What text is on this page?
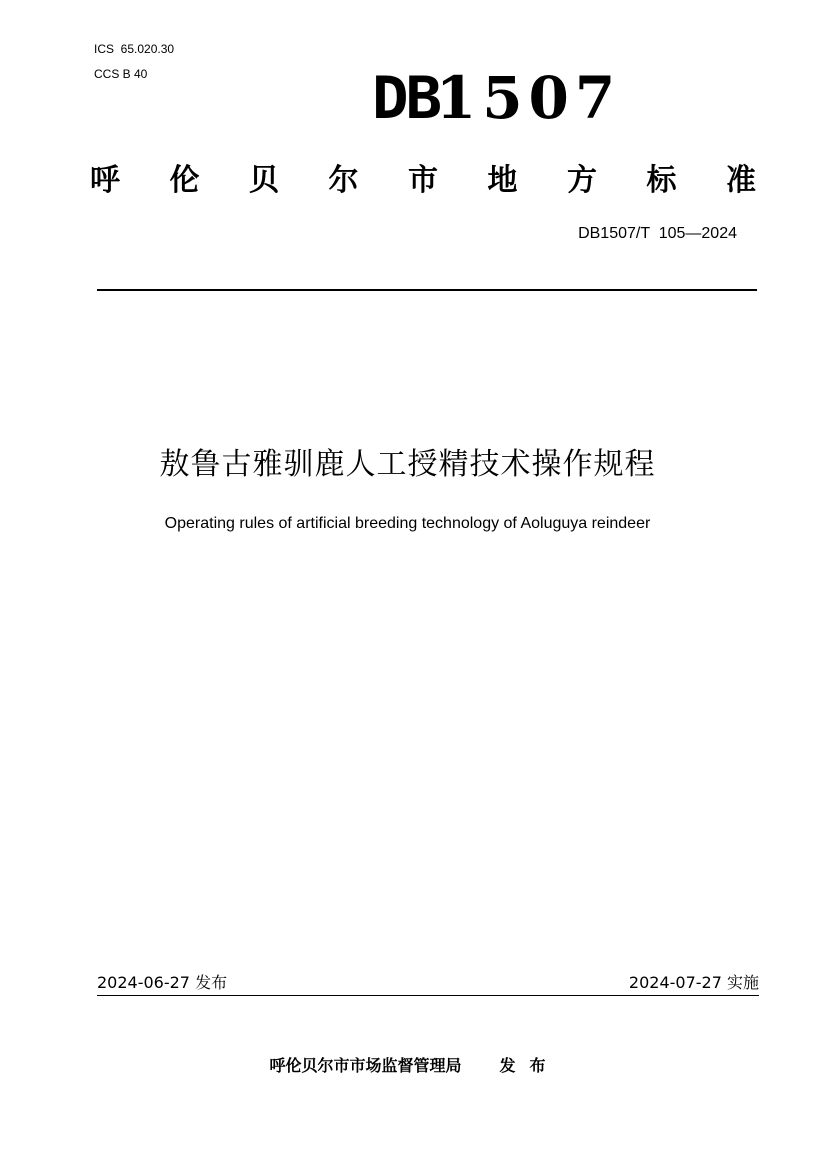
ICS  65.020.30
CCS B 40	DB1507
呼 伦 贝 尔 市 地 方 标 准
DB1507/T  105—2024
敖鲁古雅驯鹿人工授精技术操作规程
Operating rules of artificial breeding technology of Aoluguya reindeer
2024-06-27 发布	2024-07-27 实施
呼伦贝尔市市场监督管理局 发 布
